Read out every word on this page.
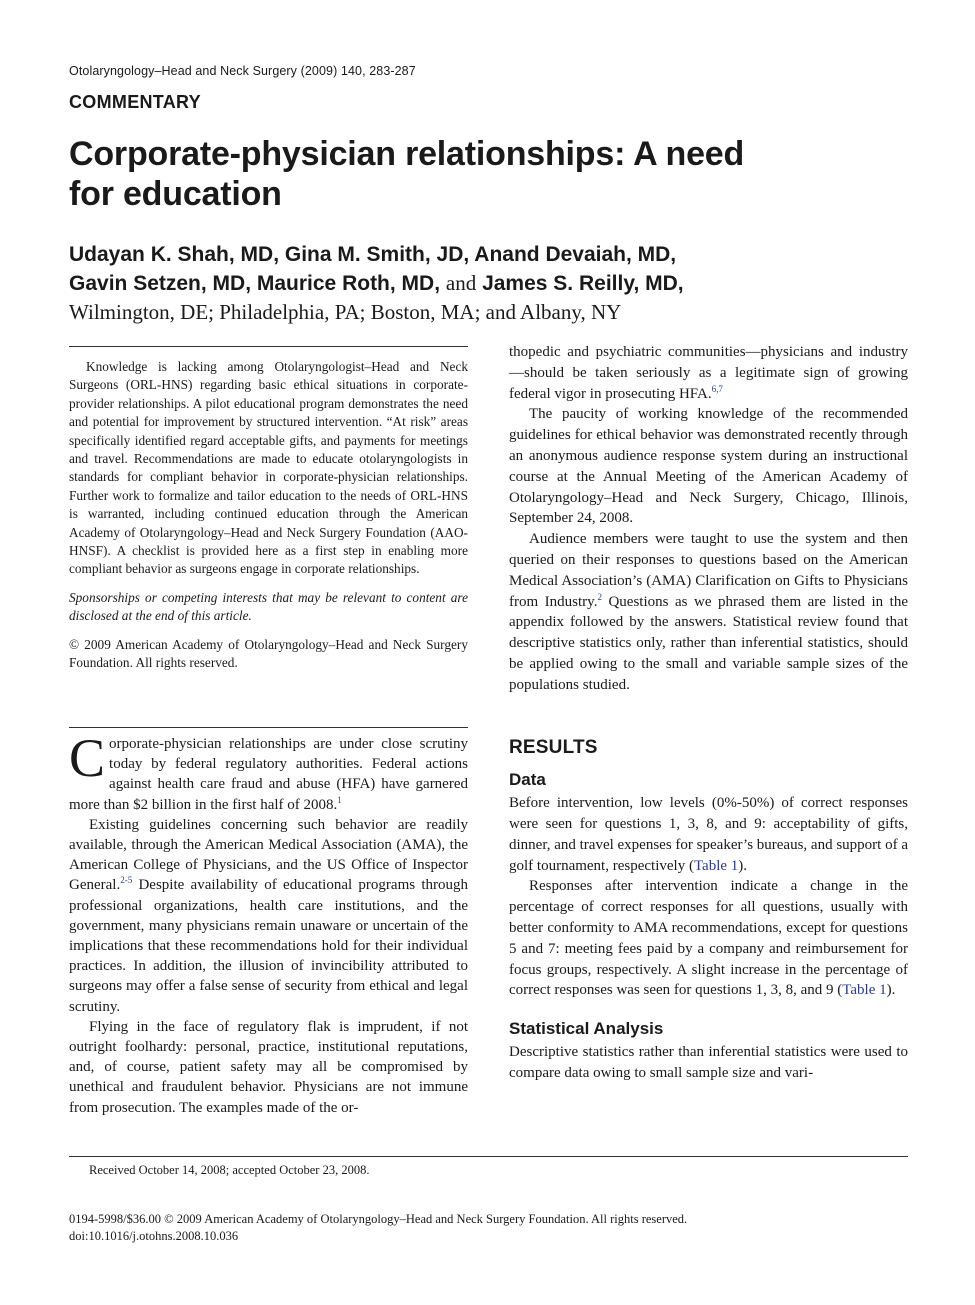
Otolaryngology–Head and Neck Surgery (2009) 140, 283-287
COMMENTARY
Corporate-physician relationships: A need for education
Udayan K. Shah, MD, Gina M. Smith, JD, Anand Devaiah, MD,
Gavin Setzen, MD, Maurice Roth, MD, and James S. Reilly, MD,
Wilmington, DE; Philadelphia, PA; Boston, MA; and Albany, NY

Knowledge is lacking among Otolaryngologist–Head and Neck Surgeons (ORL-HNS) regarding basic ethical situations in corporate-provider relationships. A pilot educational program demonstrates the need and potential for improvement by structured intervention. “At risk” areas specifically identified regard acceptable gifts, and payments for meetings and travel. Recommendations are made to educate otolaryngologists in standards for compliant behavior in corporate-physician relationships. Further work to formalize and tailor education to the needs of ORL-HNS is warranted, including continued education through the American Academy of Otolaryngology–Head and Neck Surgery Foundation (AAO-HNSF). A checklist is provided here as a first step in enabling more compliant behavior as surgeons engage in corporate relationships.

Sponsorships or competing interests that may be relevant to content are disclosed at the end of this article.

© 2009 American Academy of Otolaryngology–Head and Neck Surgery Foundation. All rights reserved.

Corporate-physician relationships are under close scrutiny today by federal regulatory authorities. Federal actions against health care fraud and abuse (HFA) have garnered more than $2 billion in the first half of 2008.$^1$

Existing guidelines concerning such behavior are readily available, through the American Medical Association (AMA), the American College of Physicians, and the US Office of Inspector General.$^{2-5}$ Despite availability of educational programs through professional organizations, health care institutions, and the government, many physicians remain unaware or uncertain of the implications that these recommendations hold for their individual practices. In addition, the illusion of invincibility attributed to surgeons may offer a false sense of security from ethical and legal scrutiny.

Flying in the face of regulatory flak is imprudent, if not outright foolhardy: personal, practice, institutional reputations, and, of course, patient safety may all be compromised by unethical and fraudulent behavior. Physicians are not immune from prosecution. The examples made of the or-

thopedic and psychiatric communities—physicians and industry—should be taken seriously as a legitimate sign of growing federal vigor in prosecuting HFA.$^{6,7}$

The paucity of working knowledge of the recommended guidelines for ethical behavior was demonstrated recently through an anonymous audience response system during an instructional course at the Annual Meeting of the American Academy of Otolaryngology–Head and Neck Surgery, Chicago, Illinois, September 24, 2008.

Audience members were taught to use the system and then queried on their responses to questions based on the American Medical Association’s (AMA) Clarification on Gifts to Physicians from Industry.$^2$ Questions as we phrased them are listed in the appendix followed by the answers. Statistical review found that descriptive statistics only, rather than inferential statistics, should be applied owing to the small and variable sample sizes of the populations studied.

RESULTS
Data

Before intervention, low levels (0%-50%) of correct responses were seen for questions 1, 3, 8, and 9: acceptability of gifts, dinner, and travel expenses for speaker’s bureaus, and support of a golf tournament, respectively (Table 1).

Responses after intervention indicate a change in the percentage of correct responses for all questions, usually with better conformity to AMA recommendations, except for questions 5 and 7: meeting fees paid by a company and reimbursement for focus groups, respectively. A slight increase in the percentage of correct responses was seen for questions 1, 3, 8, and 9 (Table 1).

Statistical Analysis

Descriptive statistics rather than inferential statistics were used to compare data owing to small sample size and vari-

Received October 14, 2008; accepted October 23, 2008.
0194-5998/$36.00 © 2009 American Academy of Otolaryngology–Head and Neck Surgery Foundation. All rights reserved.
doi:10.1016/j.otohns.2008.10.036
